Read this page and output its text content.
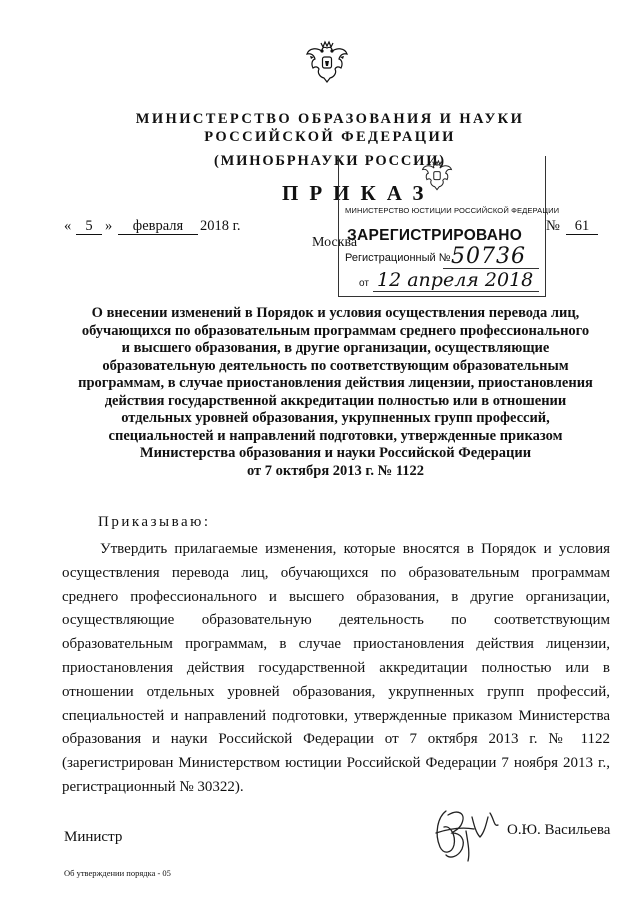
МИНИСТЕРСТВО ОБРАЗОВАНИЯ И НАУКИ
РОССИЙСКОЙ ФЕДЕРАЦИИ
(МИНОБРНАУКИ РОССИИ)
ПРИКАЗ
« 5 »	февраля	2018 г.	№	61
Москва
МИНИСТЕРСТВО ЮСТИЦИИ РОССИЙСКОЙ ФЕДЕРАЦИИ
ЗАРЕГИСТРИРОВАНО
Регистрационный № 50736
от 12 апреля 2018
О внесении изменений в Порядок и условия осуществления перевода лиц,
обучающихся по образовательным программам среднего профессионального
и высшего образования, в другие организации, осуществляющие
образовательную деятельность по соответствующим образовательным
программам, в случае приостановления действия лицензии, приостановления
действия государственной аккредитации полностью или в отношении
отдельных уровней образования, укрупненных групп профессий,
специальностей и направлений подготовки, утвержденные приказом
Министерства образования и науки Российской Федерации
от 7 октября 2013 г. № 1122
Приказываю:

Утвердить прилагаемые изменения, которые вносятся в Порядок и условия осуществления перевода лиц, обучающихся по образовательным программам среднего профессионального и высшего образования, в другие организации, осуществляющие образовательную деятельность по соответствующим образовательным программам, в случае приостановления действия лицензии, приостановления действия государственной аккредитации полностью или в отношении отдельных уровней образования, укрупненных групп профессий, специальностей и направлений подготовки, утвержденные приказом Министерства образования и науки Российской Федерации от 7 октября 2013 г. № 1122 (зарегистрирован Министерством юстиции Российской Федерации 7 ноября 2013 г., регистрационный № 30322).

Министр	О.Ю. Васильева
Об утверждении порядка - 05
